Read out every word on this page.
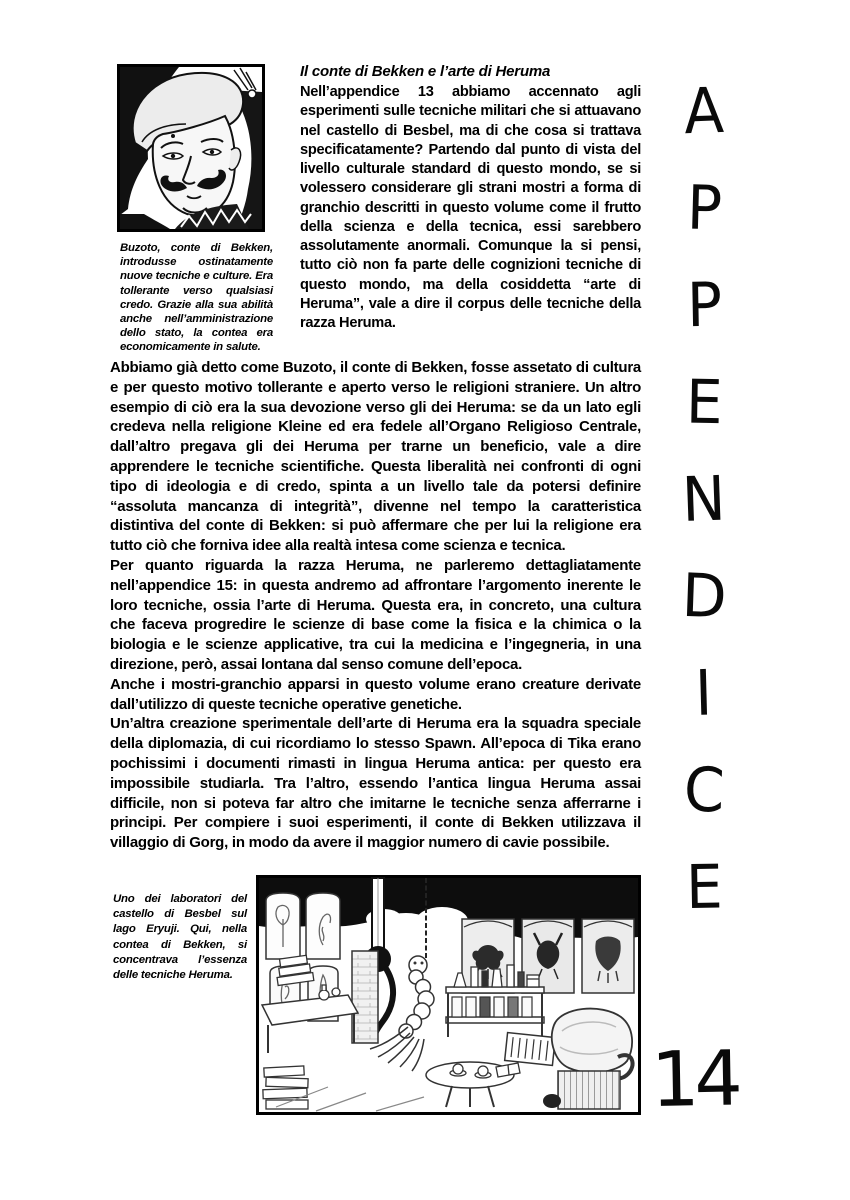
Buzoto, conte di Bekken, introdusse ostinatamente nuove tecniche e culture. Era tollerante verso qualsiasi credo. Grazie alla sua abilità anche nell’amministrazione dello stato, la contea era economicamente in salute.
Il conte di Bekken e l’arte di Heruma

Nell’appendice 13 abbiamo accennato agli esperimenti sulle tecniche militari che si attuavano nel castello di Besbel, ma di che cosa si trattava specificatamente? Partendo dal punto di vista del livello culturale standard di questo mondo, se si volessero considerare gli strani mostri a forma di granchio descritti in questo volume come il frutto della scienza e della tecnica, essi sarebbero assolutamente anormali. Comunque la si pensi, tutto ciò non fa parte delle cognizioni tecniche di questo mondo, ma della cosiddetta “arte di Heruma”, vale a dire il corpus delle tecniche della razza Heruma.

Abbiamo già detto come Buzoto, il conte di Bekken, fosse assetato di cultura e per questo motivo tollerante e aperto verso le religioni straniere. Un altro esempio di ciò era la sua devozione verso gli dei Heruma: se da un lato egli credeva nella religione Kleine ed era fedele all’Organo Religioso Centrale, dall’altro pregava gli dei Heruma per trarne un beneficio, vale a dire apprendere le tecniche scientifiche. Questa liberalità nei confronti di ogni tipo di ideologia e di credo, spinta a un livello tale da potersi definire “assoluta mancanza di integrità”, divenne nel tempo la caratteristica distintiva del conte di Bekken: si può affermare che per lui la religione era tutto ciò che forniva idee alla realtà intesa come scienza e tecnica.

Per quanto riguarda la razza Heruma, ne parleremo dettagliatamente nell’appendice 15: in questa andremo ad affrontare l’argomento inerente le loro tecniche, ossia l’arte di Heruma. Questa era, in concreto, una cultura che faceva progredire le scienze di base come la fisica e la chimica o la biologia e le scienze applicative, tra cui la medicina e l’ingegneria, in una direzione, però, assai lontana dal senso comune dell’epoca.

Anche i mostri-granchio apparsi in questo volume erano creature derivate dall’utilizzo di queste tecniche operative genetiche.

Un’altra creazione sperimentale dell’arte di Heruma era la squadra speciale della diplomazia, di cui ricordiamo lo stesso Spawn. All’epoca di Tika erano pochissimi i documenti rimasti in lingua Heruma antica: per questo era impossibile studiarla. Tra l’altro, essendo l’antica lingua Heruma assai difficile, non si poteva far altro che imitarne le tecniche senza afferrarne i principi. Per compiere i suoi esperimenti, il conte di Bekken utilizzava il villaggio di Gorg, in modo da avere il maggior numero di cavie possibile.

Uno dei laboratori del castello di Besbel sul lago Eryuji. Qui, nella contea di Bekken, si concentrava l’essenza delle tecniche Heruma.
A
P
P
E
N
D
I
C
E
14
